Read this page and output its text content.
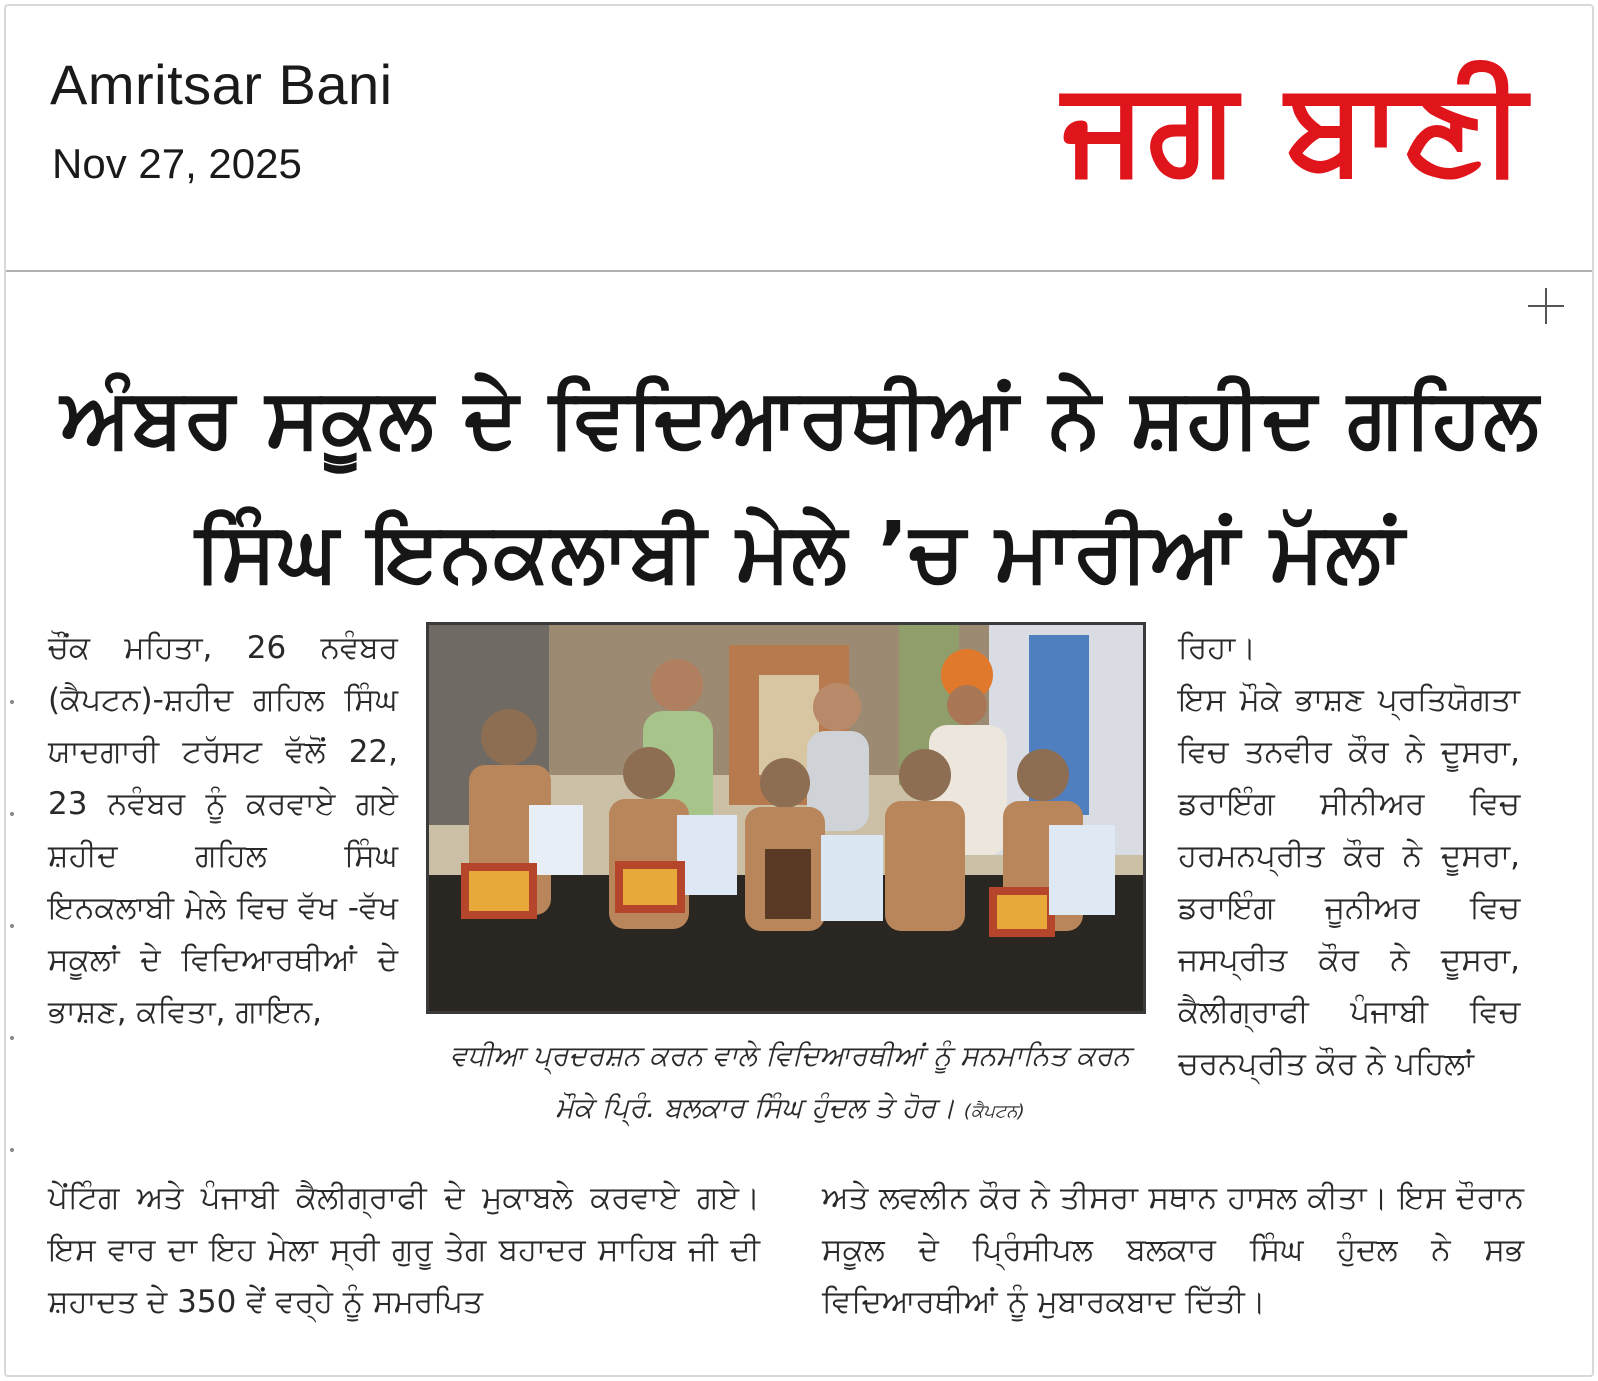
Amritsar Bani
Nov 27, 2025	ਜਗ ਬਾਣੀ
ਅੰਬਰ ਸਕੂਲ ਦੇ ਵਿਦਿਆਰਥੀਆਂ ਨੇ ਸ਼ਹੀਦ ਗਹਿਲ
ਸਿੰਘ ਇਨਕਲਾਬੀ ਮੇਲੇ ’ਚ ਮਾਰੀਆਂ ਮੱਲਾਂ

ਚੌਂਕ ਮਹਿਤਾ, 26 ਨਵੰਬਰ (ਕੈਪਟਨ)-ਸ਼ਹੀਦ ਗਹਿਲ ਸਿੰਘ ਯਾਦਗਾਰੀ ਟਰੱਸਟ ਵੱਲੋਂ 22, 23 ਨਵੰਬਰ ਨੂੰ ਕਰਵਾਏ ਗਏ ਸ਼ਹੀਦ ਗਹਿਲ ਸਿੰਘ ਇਨਕਲਾਬੀ ਮੇਲੇ ਵਿਚ ਵੱਖ -ਵੱਖ ਸਕੂਲਾਂ ਦੇ ਵਿਦਿਆਰਥੀਆਂ ਦੇ ਭਾਸ਼ਣ, ਕਵਿਤਾ, ਗਾਇਨ,

ਵਧੀਆ ਪ੍ਰਦਰਸ਼ਨ ਕਰਨ ਵਾਲੇ ਵਿਦਿਆਰਥੀਆਂ ਨੂੰ ਸਨਮਾਨਿਤ ਕਰਨ ਮੌਕੇ ਪ੍ਰਿੰ. ਬਲਕਾਰ ਸਿੰਘ ਹੁੰਦਲ ਤੇ ਹੋਰ। (ਕੈਪਟਨ)

ਰਿਹਾ।

ਇਸ ਮੌਕੇ ਭਾਸ਼ਣ ਪ੍ਰਤਿਯੋਗਤਾ ਵਿਚ ਤਨਵੀਰ ਕੌਰ ਨੇ ਦੂਸਰਾ, ਡਰਾਇੰਗ ਸੀਨੀਅਰ ਵਿਚ ਹਰਮਨਪ੍ਰੀਤ ਕੌਰ ਨੇ ਦੂਸਰਾ, ਡਰਾਇੰਗ ਜੂਨੀਅਰ ਵਿਚ ਜਸਪ੍ਰੀਤ ਕੌਰ ਨੇ ਦੂਸਰਾ, ਕੈਲੀਗ੍ਰਾਫੀ ਪੰਜਾਬੀ ਵਿਚ ਚਰਨਪ੍ਰੀਤ ਕੌਰ ਨੇ ਪਹਿਲਾਂ

ਪੇਂਟਿੰਗ ਅਤੇ ਪੰਜਾਬੀ ਕੈਲੀਗ੍ਰਾਫੀ ਦੇ ਮੁਕਾਬਲੇ ਕਰਵਾਏ ਗਏ। ਇਸ ਵਾਰ ਦਾ ਇਹ ਮੇਲਾ ਸ੍ਰੀ ਗੁਰੂ ਤੇਗ ਬਹਾਦਰ ਸਾਹਿਬ ਜੀ ਦੀ ਸ਼ਹਾਦਤ ਦੇ 350 ਵੇਂ ਵਰ੍ਹੇ ਨੂੰ ਸਮਰਪਿਤ

ਅਤੇ ਲਵਲੀਨ ਕੌਰ ਨੇ ਤੀਸਰਾ ਸਥਾਨ ਹਾਸਲ ਕੀਤਾ। ਇਸ ਦੌਰਾਨ ਸਕੂਲ ਦੇ ਪ੍ਰਿੰਸੀਪਲ ਬਲਕਾਰ ਸਿੰਘ ਹੁੰਦਲ ਨੇ ਸਭ ਵਿਦਿਆਰਥੀਆਂ ਨੂੰ ਮੁਬਾਰਕਬਾਦ ਦਿੱਤੀ।
